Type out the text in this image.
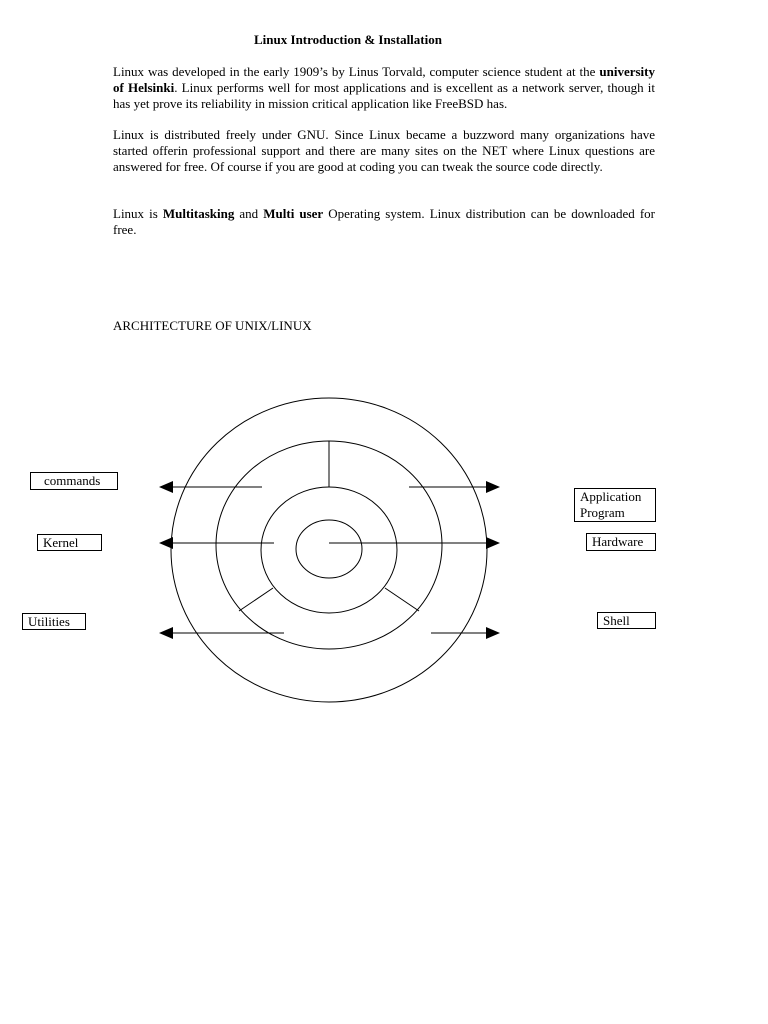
Linux Introduction & Installation

Linux was developed in the early 1909’s by Linus Torvald, computer science student at the university of Helsinki. Linux performs well for most applications and is excellent as a network server, though it has yet prove its reliability in mission critical application like FreeBSD has.

Linux is distributed freely under GNU. Since Linux became a buzzword many organizations have started offerin professional support and there are many sites on the NET where Linux questions are answered for free. Of course if you are good at coding you can tweak the source code directly.

Linux is Multitasking and Multi user Operating system. Linux distribution can be downloaded for free.

ARCHITECTURE OF UNIX/LINUX
commands
Kernel
Utilities
Application Program
Hardware
Shell
